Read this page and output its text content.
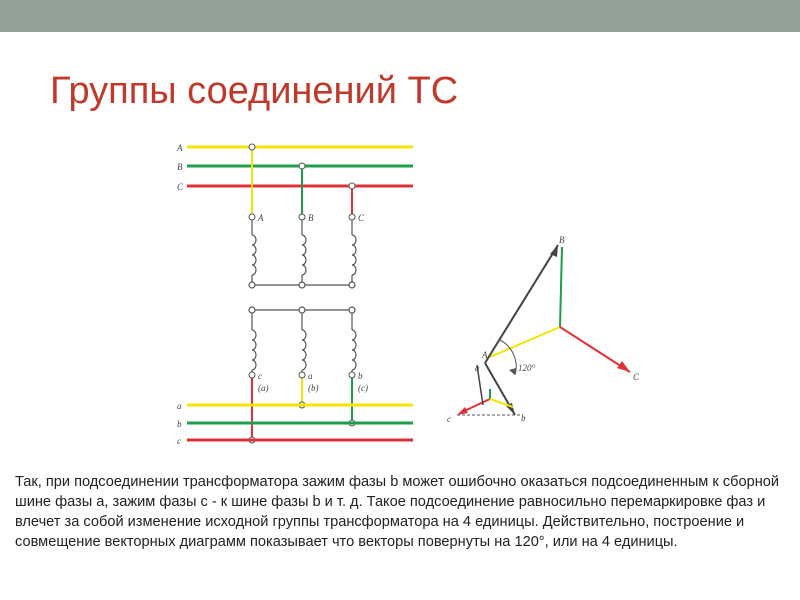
Группы соединений ТС
A
B
C
A	B	C
c	a	b
(a)	(b)	(c)
a
b
c
B
A
C
a
c	b
120°

Так, при подсоединении трансформатора зажим фазы b может ошибочно оказаться подсоединенным к сборной шине фазы а, зажим фазы с - к шине фазы b и т. д. Такое подсоединение равносильно перемаркировке фаз и влечет за собой изменение исходной группы трансформатора на 4 единицы. Действительно, построение и совмещение векторных диаграмм показывает что векторы повернуты на 120°, или на 4 единицы.
